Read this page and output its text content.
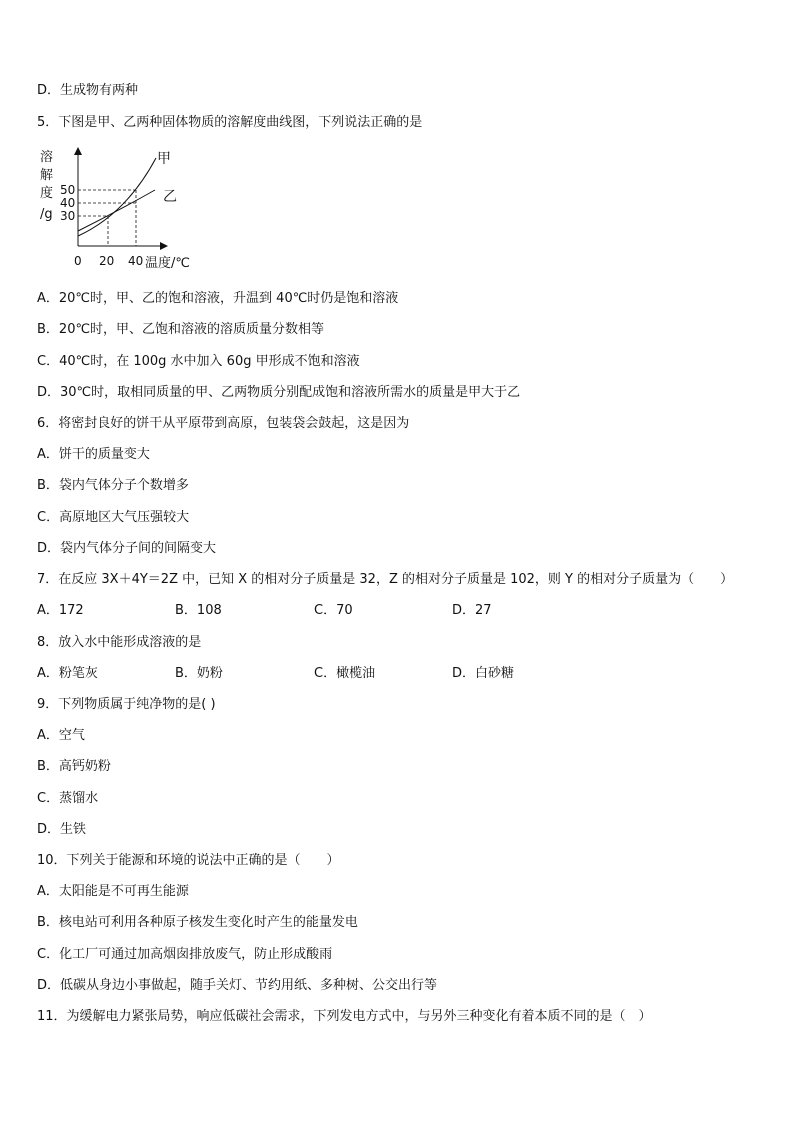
D．生成物有两种
5．下图是甲、乙两种固体物质的溶解度曲线图，下列说法正确的是
溶
解
度
/g
50
40
30
0 20 40 温度/℃
甲
乙
A．20℃时，甲、乙的饱和溶液，升温到 40℃时仍是饱和溶液
B．20℃时，甲、乙饱和溶液的溶质质量分数相等
C．40℃时，在 100g 水中加入 60g 甲形成不饱和溶液
D．30℃时，取相同质量的甲、乙两物质分别配成饱和溶液所需水的质量是甲大于乙
6．将密封良好的饼干从平原带到高原，包装袋会鼓起，这是因为
A．饼干的质量变大
B．袋内气体分子个数增多
C．高原地区大气压强较大
D．袋内气体分子间的间隔变大
7．在反应 3X＋4Y＝2Z 中，已知 X 的相对分子质量是 32，Z 的相对分子质量是 102，则 Y 的相对分子质量为（　　）
A．172	B．108	C．70	D．27
8．放入水中能形成溶液的是
A．粉笔灰	B．奶粉	C．橄榄油	D．白砂糖
9．下列物质属于纯净物的是( )
A．空气
B．高钙奶粉
C．蒸馏水
D．生铁
10．下列关于能源和环境的说法中正确的是（　　）
A．太阳能是不可再生能源
B．核电站可利用各种原子核发生变化时产生的能量发电
C．化工厂可通过加高烟囱排放废气，防止形成酸雨
D．低碳从身边小事做起，随手关灯、节约用纸、多种树、公交出行等
11．为缓解电力紧张局势，响应低碳社会需求，下列发电方式中，与另外三种变化有着本质不同的是（　）
